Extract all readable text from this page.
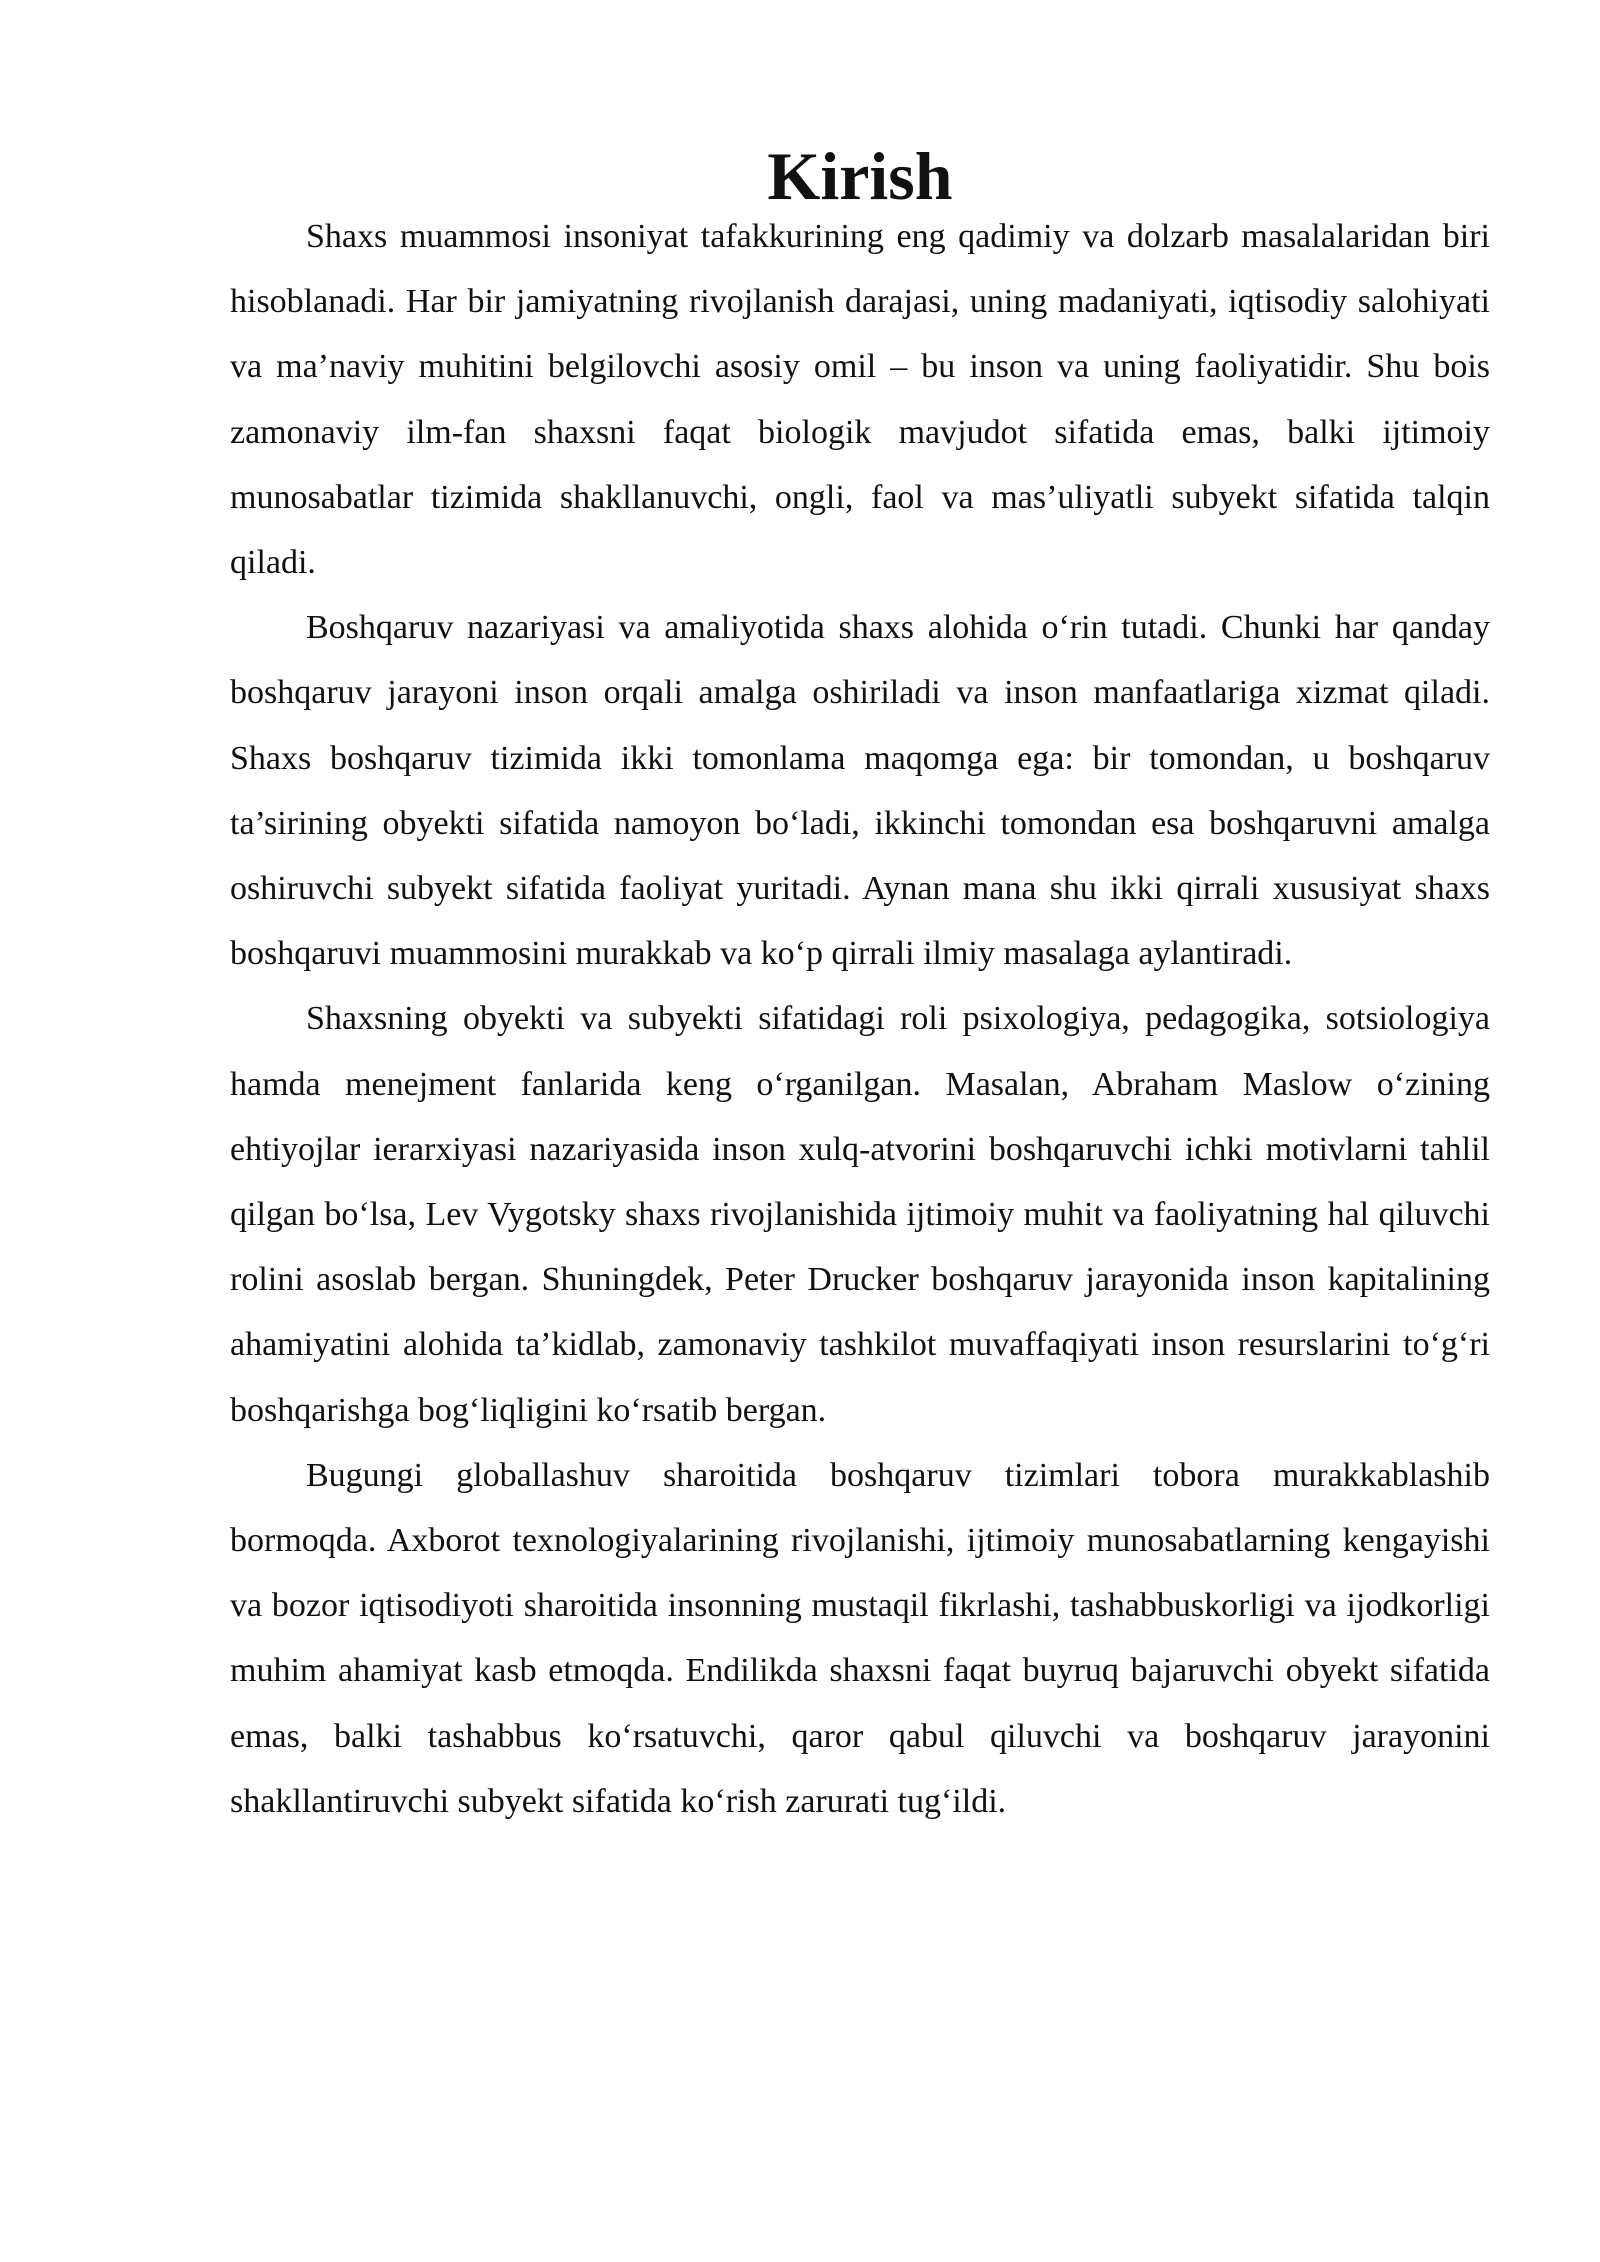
Kirish

Shaxs muammosi insoniyat tafakkurining eng qadimiy va dolzarb masalalaridan biri hisoblanadi. Har bir jamiyatning rivojlanish darajasi, uning madaniyati, iqtisodiy salohiyati va ma’naviy muhitini belgilovchi asosiy omil – bu inson va uning faoliyatidir. Shu bois zamonaviy ilm-fan shaxsni faqat biologik mavjudot sifatida emas, balki ijtimoiy munosabatlar tizimida shakllanuvchi, ongli, faol va mas’uliyatli subyekt sifatida talqin qiladi.

Boshqaruv nazariyasi va amaliyotida shaxs alohida o‘rin tutadi. Chunki har qanday boshqaruv jarayoni inson orqali amalga oshiriladi va inson manfaatlariga xizmat qiladi. Shaxs boshqaruv tizimida ikki tomonlama maqomga ega: bir tomondan, u boshqaruv ta’sirining obyekti sifatida namoyon bo‘ladi, ikkinchi tomondan esa boshqaruvni amalga oshiruvchi subyekt sifatida faoliyat yuritadi. Aynan mana shu ikki qirrali xususiyat shaxs boshqaruvi muammosini murakkab va ko‘p qirrali ilmiy masalaga aylantiradi.

Shaxsning obyekti va subyekti sifatidagi roli psixologiya, pedagogika, sotsiologiya hamda menejment fanlarida keng o‘rganilgan. Masalan, Abraham Maslow o‘zining ehtiyojlar ierarxiyasi nazariyasida inson xulq-atvorini boshqaruvchi ichki motivlarni tahlil qilgan bo‘lsa, Lev Vygotsky shaxs rivojlanishida ijtimoiy muhit va faoliyatning hal qiluvchi rolini asoslab bergan. Shuningdek, Peter Drucker boshqaruv jarayonida inson kapitalining ahamiyatini alohida ta’kidlab, zamonaviy tashkilot muvaffaqiyati inson resurslarini to‘g‘ri boshqarishga bog‘liqligini ko‘rsatib bergan.

Bugungi globallashuv sharoitida boshqaruv tizimlari tobora murakkablashib bormoqda. Axborot texnologiyalarining rivojlanishi, ijtimoiy munosabatlarning kengayishi va bozor iqtisodiyoti sharoitida insonning mustaqil fikrlashi, tashabbuskorligi va ijodkorligi muhim ahamiyat kasb etmoqda. Endilikda shaxsni faqat buyruq bajaruvchi obyekt sifatida emas, balki tashabbus ko‘rsatuvchi, qaror qabul qiluvchi va boshqaruv jarayonini shakllantiruvchi subyekt sifatida ko‘rish zarurati tug‘ildi.
